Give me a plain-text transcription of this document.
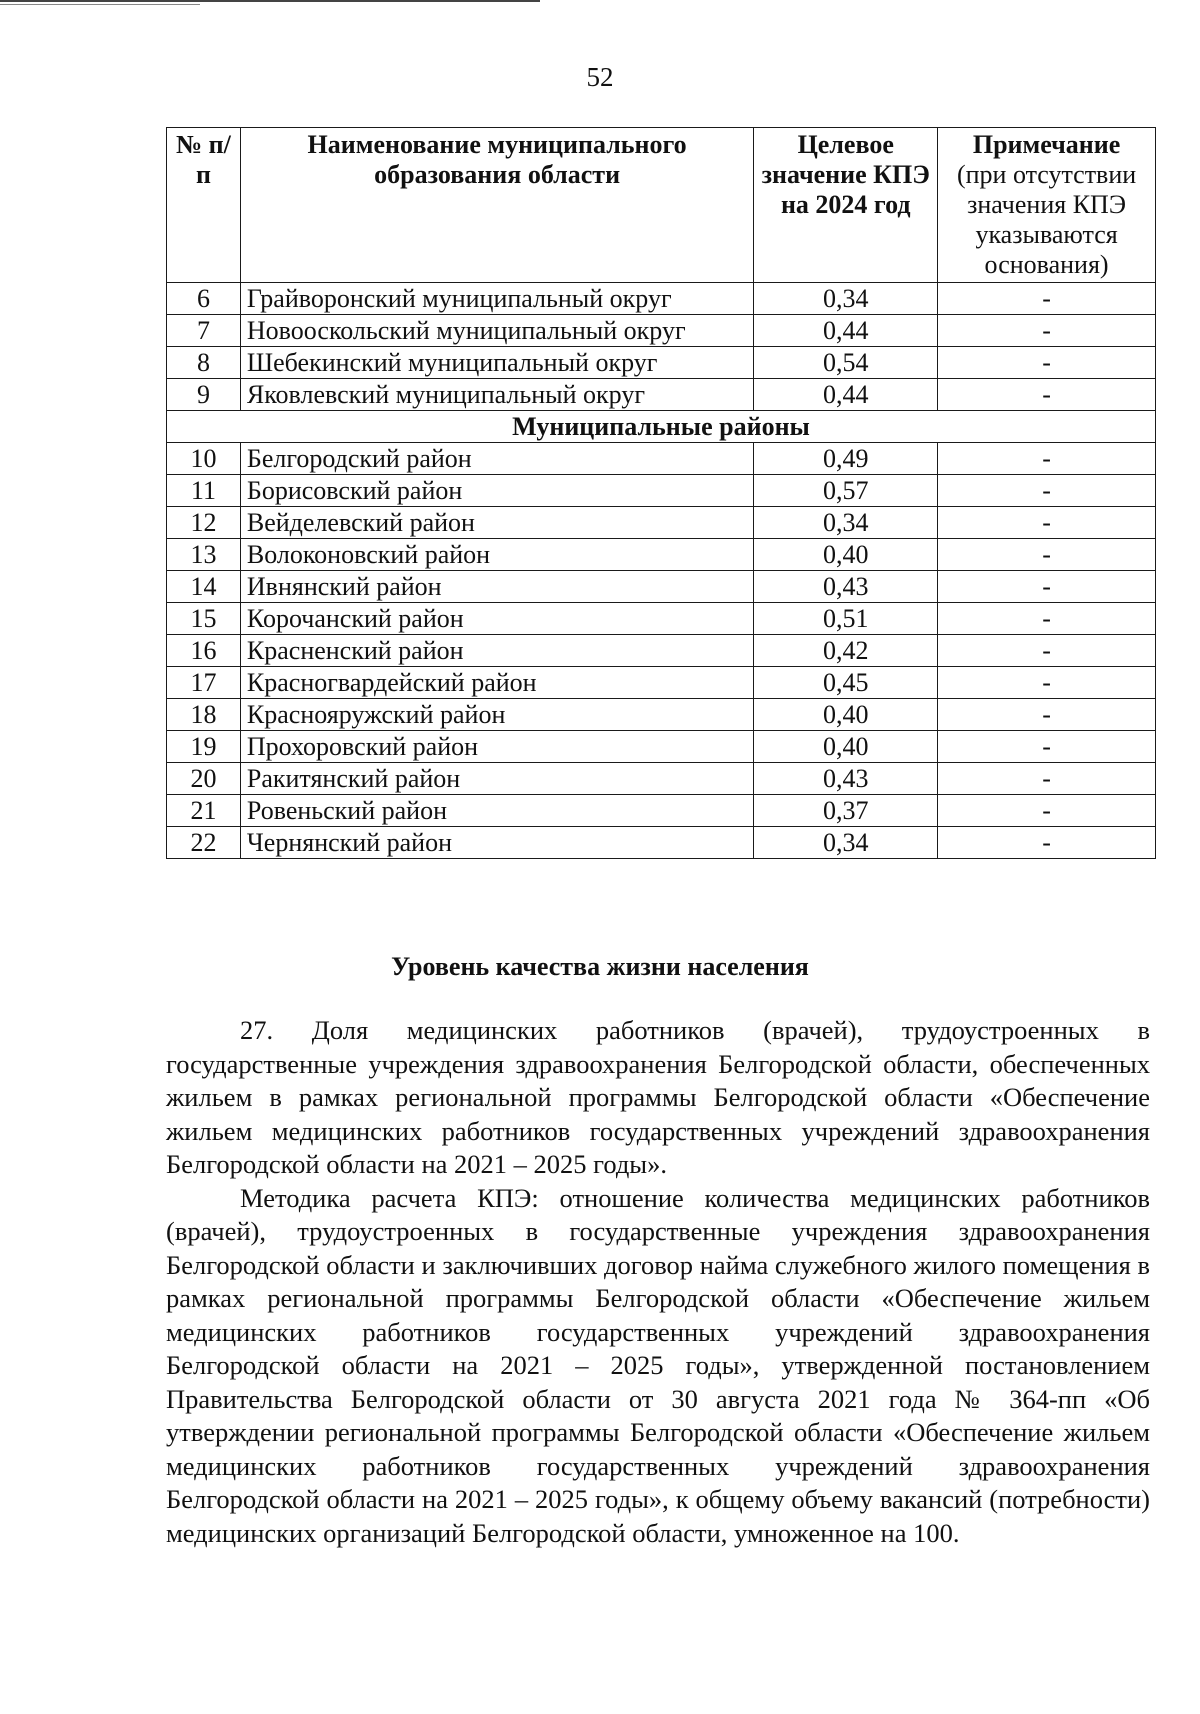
52
№ п/п	Наименование муниципального образования области	Целевое значение КПЭ на 2024 год	Примечание
(при отсутствии значения КПЭ указываются основания)
6	Грайворонский муниципальный округ	0,34	-
7	Новооскольский муниципальный округ	0,44	-
8	Шебекинский муниципальный округ	0,54	-
9	Яковлевский муниципальный округ	0,44	-
Муниципальные районы			
10	Белгородский район	0,49	-
11	Борисовский район	0,57	-
12	Вейделевский район	0,34	-
13	Волоконовский район	0,40	-
14	Ивнянский район	0,43	-
15	Корочанский район	0,51	-
16	Красненский район	0,42	-
17	Красногвардейский район	0,45	-
18	Краснояружский район	0,40	-
19	Прохоровский район	0,40	-
20	Ракитянский район	0,43	-
21	Ровеньский район	0,37	-
22	Чернянский район	0,34	-
Уровень качества жизни населения

27. Доля медицинских работников (врачей), трудоустроенных в государственные учреждения здравоохранения Белгородской области, обеспеченных жильем в рамках региональной программы Белгородской области «Обеспечение жильем медицинских работников государственных учреждений здравоохранения Белгородской области на 2021 – 2025 годы».

Методика расчета КПЭ: отношение количества медицинских работников (врачей), трудоустроенных в государственные учреждения здравоохранения Белгородской области и заключивших договор найма служебного жилого помещения в рамках региональной программы Белгородской области «Обеспечение жильем медицинских работников государственных учреждений здравоохранения Белгородской области на 2021 – 2025 годы», утвержденной постановлением Правительства Белгородской области от 30 августа 2021 года № 364-пп «Об утверждении региональной программы Белгородской области «Обеспечение жильем медицинских работников государственных учреждений здравоохранения Белгородской области на 2021 – 2025 годы», к общему объему вакансий (потребности) медицинских организаций Белгородской области, умноженное на 100.
